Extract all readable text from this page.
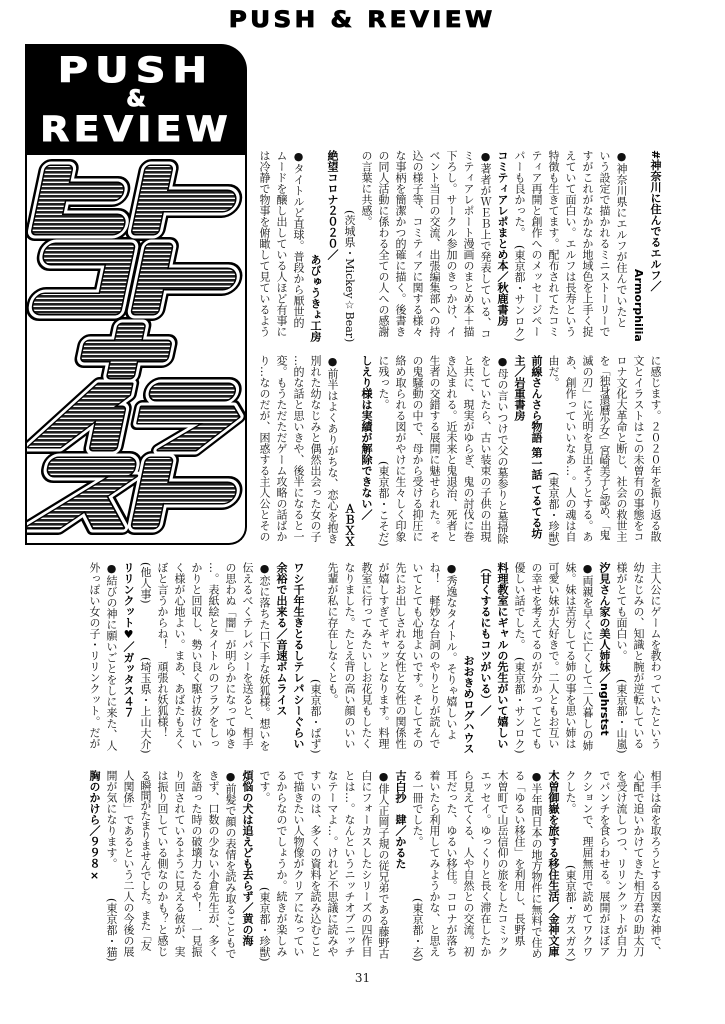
PUSH & REVIEW
PUSH
&
REVIEW
#神奈川に住んでるエルフ／
Armorphilia
●神奈川県にエルフが住んでいたと
いう設定で描かれるミニストーリーで
すがこれがなかなか地域色を上手く捉
えていて面白い。エルフは長寿という
特徴も生きてます。配布されてたコミ
ティア再開と創作へのメッセージペー
パーも良かった。
(東京都・サンロク)
コミティアレポまとめ本／秋鹿書房
●著者がＷＥＢ上で発表している、コ
ミティアレポート漫画のまとめ本＋描
下ろし。サークル参加のきっかけ、イ
ベント当日の交流、出張編集部への持
込の様子等、コミティアに関する様々
な事柄を簡潔かつ的確に描く。後書き
の同人活動に係わる全ての人への感謝
の言葉に共感。
(茨城県・Mickey☆Bear)
絶望コロナ２０２０／
あびゅうきょ工房
●タイトルど直球。普段から厭世的
ムードを醸し出している人ほど有事に
は冷静で物事を俯瞰して見ているよう
に感じます。２０２０年を振り返る散
文とイラストはこの未曽有の事態をコ
ロナ文化大革命と断じ、社会の救世主
を「独身還暦少女」宮崎美子と認め、「鬼
滅の刃」に光明を見出そうとする。あ
あ、創作っていいなあ…。人の魂は自
由だ。
(東京都・珍獣)
前線さんさら物語 第一話 てるてる坊
主／岩重書房
●母の言いつけで父の墓参りと墓掃除
をしていたら、古い装束の子供の出現
と共に、現実がゆらぎ、鬼の討伐に巻
き込まれる。近未来と鬼退治、死者と
生者の交錯する展開に魅せられた。そ
の鬼騒動の中で、母から受ける抑圧に
絡め取られる図がやけに生々しく印象
に残った。
(東京都・こそだ)
しえり様は実績が解除できない／
ＡＢＸＸ
●前半はよくありがちな、恋心を抱き
別れた幼なじみと偶然出会った女の子
…的な話と思いきや、後半になると一
変。もうただただゲーム攻略の話ばか
り…なのだが、困惑する主人公とその
主人公にゲームを教わっていたという
幼なじみの、知識と腕が逆転している
様がとても面白い。
(東京都・山嵐)
汐見さん家の美人姉妹／nghrstst
●両親を早くに亡くして二人暮しの姉
妹。妹は苦労してる姉の事を思い姉は
可愛い妹が大好きで。二人ともお互い
の幸せを考えてるのが分かってとても
優しい話でした。
(東京都・サンロク)
料理教室にギャルの先生がいて嬉しい
（甘くするにもコツがいる）／
おおきめログハウス
●秀逸なタイトル。そりゃ嬉しいよ
ね！　軽妙な台詞のやりとりが読んで
いてとても心地よいです。そしてその
先にお出しされる女性と女性の関係性
が嬉しすぎてギャッとなります。料理
教室に行ってみたいしお花見もしたく
なりました。たとえ背の高い顔のいい
先輩が私に存在しなくとも。
(東京都・ぱず)
ワシ千年生きとるしテレパシーぐらい
余裕で出来る／音速ボムライス
●恋に落ちた口下手な妖狐様。想いを
伝えるべくテレパシーを送ると、相手
の思わぬ「闇」が明らかになってゆき
…。表紙絵とタイトルのフラグをしっ
かりと回収し、勢い良く駆け抜けてい
く様が心地よい。まあ、あばたもえく
ぼと言うからね！　頑張れ妖狐様！
(他人事)
(埼玉県・上山大介)
リリンクット♥／ガッタス４７
●結びの神に願いごとをしに来た、人
外っぽい女の子・リリンクット。だが
相手は命を取ろうとする因業な神で、
心配で追いかけてきた相方君の助太刀
を受け流しつつ、リリンクットが自力
でパンチを食らわせる。展開がほぼア
クションで、理屈無用で読めてワクワ
クした。
(東京都・ガスガス)
木曽御嶽を旅する移住生活／金神文庫
●半年間日本の地方物件に無料で住め
る「ゆるい移住」を利用し、長野県
木曽町で山岳信仰の旅をしたコミック
エッセイ。ゆっくりと長く滞在したか
ら見えてくる、人や自然との交流。初
耳だった、ゆるい移住。コロナが落ち
着いたら利用してみようかな、と思え
る一冊でした。
(東京都・玄)
古白抄　肆／かるた
●俳人正岡子規の従兄弟である藤野古
白にフォーカスしたシリーズの四作目
とは…。なんというニッチオブニッチ
なテーマよ…。けれど不思議に読みや
すいのは、多くの資料を読み込むこと
で描きたい人物像がクリアになってい
るからなのでしょうか。続きが楽しみ
です。
(東京都・珍獣)
煩悩の犬は追えども去らず／黄の海
●前髪で顔の表情を読み取ることもで
きず、口数の少ない小倉先生が、多く
を語った時の破壊力たるや！　一見振
り回されているように見える彼が、実
は振り回している側なのかも？と感じ
る瞬間がたまりませんでした。また「友
人関係」であるという二人の今後の展
開が気になります。
(東京都・猫)
胸のかけら／９９８×
31
